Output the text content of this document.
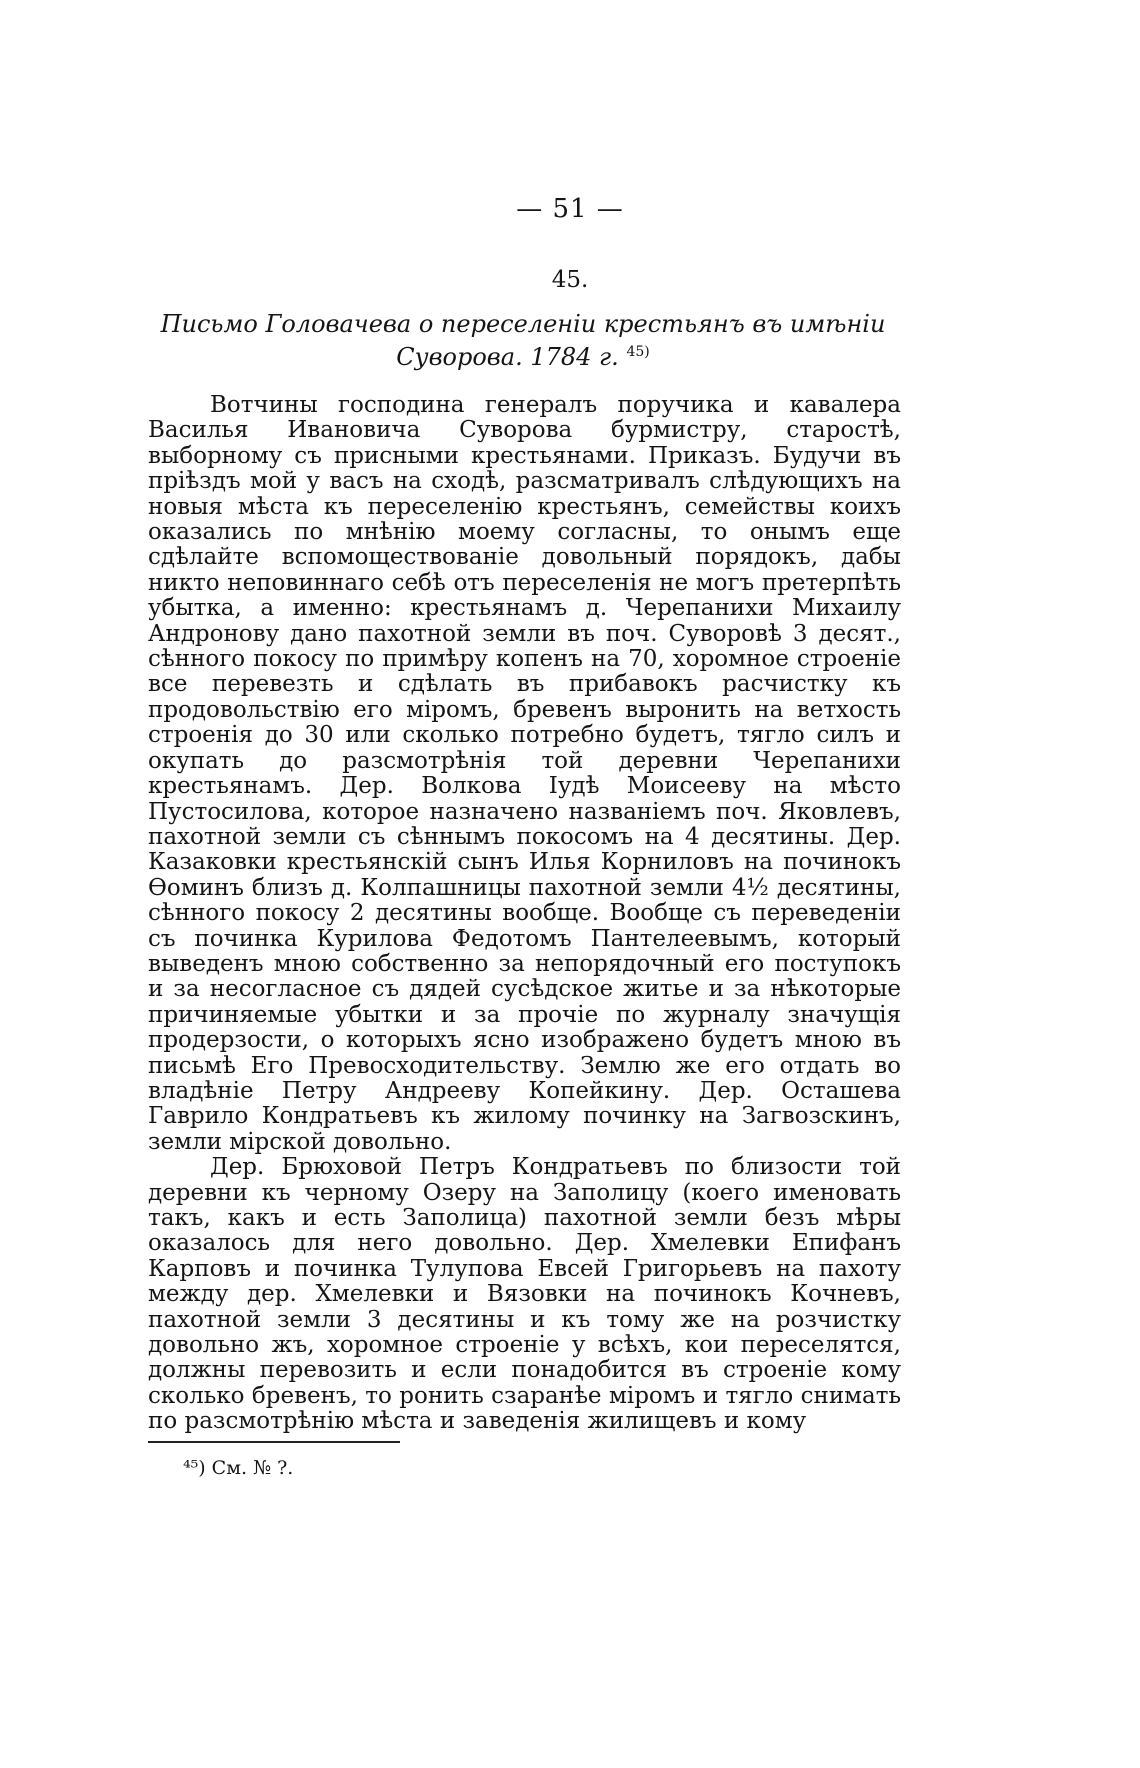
— 51 —
45.
Письмо Головачева о переселеніи крестьянъ въ имѣніи Суворова. 1784 г. $^{45)}$

Вотчины господина генералъ поручика и кавалера Василья Ивановича Суворова бурмистру, старостѣ, выборному съ присными крестьянами. Приказъ. Будучи въ прiѣздъ мой у васъ на сходѣ, разсматривалъ слѣдующихъ на новыя мѣста къ переселенiю крестьянъ, семействы коихъ оказались по мнѣнiю моему согласны, то онымъ еще сдѣлайте вспомоществованiе довольный порядокъ, дабы никто неповиннаго себѣ отъ переселенiя не могъ претерпѣть убытка, а именно: крестьянамъ д. Черепанихи Михаилу Андронову дано пахотной земли въ поч. Суворовѣ 3 десят., сѣнного покосу по примѣру копенъ на 70, хоромное строенiе все перевезть и сдѣлать въ прибавокъ расчистку къ продовольствiю его мiромъ, бревенъ выронить на ветхость строенiя до 30 или сколько потребно будетъ, тягло силъ и окупать до разсмотрѣнiя той деревни Черепанихи крестьянамъ. Дер. Волкова Iудѣ Моисееву на мѣсто Пустосилова, которое назначено названiемъ поч. Яковлевъ, пахотной земли съ сѣннымъ покосомъ на 4 десятины. Дер. Казаковки крестьянскiй сынъ Илья Корниловъ на починокъ Ѳоминъ близъ д. Колпашницы пахотной земли 4½ десятины, сѣнного покосу 2 десятины вообще. Вообще съ переведенiи съ починка Курилова Федотомъ Пантелеевымъ, который выведенъ мною собственно за непорядочный его поступокъ и за несогласное съ дядей сусѣдское житье и за нѣкоторые причиняемые убытки и за прочiе по журналу значущiя продерзости, о которыхъ ясно изображено будетъ мною въ письмѣ Его Превосходительству. Землю же его отдать во владѣнiе Петру Андрееву Копейкину. Дер. Осташева Гаврило Кондратьевъ къ жилому починку на Загвозскинъ, земли мiрской довольно.

Дер. Брюховой Петръ Кондратьевъ по близости той деревни къ черному Озеру на Заполицу (коего именовать такъ, какъ и есть Заполица) пахотной земли безъ мѣры оказалось для него довольно. Дер. Хмелевки Епифанъ Карповъ и починка Тулупова Евсей Григорьевъ на пахоту между дер. Хмелевки и Вязовки на починокъ Кочневъ, пахотной земли 3 десятины и къ тому же на розчистку довольно жъ, хоромное строенiе у всѣхъ, кои переселятся, должны перевозить и если понадобится въ строенiе кому сколько бревенъ, то ронить сзаранѣе мiромъ и тягло снимать по разсмотрѣнiю мѣста и заведенiя жилищевъ и кому

⁴⁵) См. № ?.
